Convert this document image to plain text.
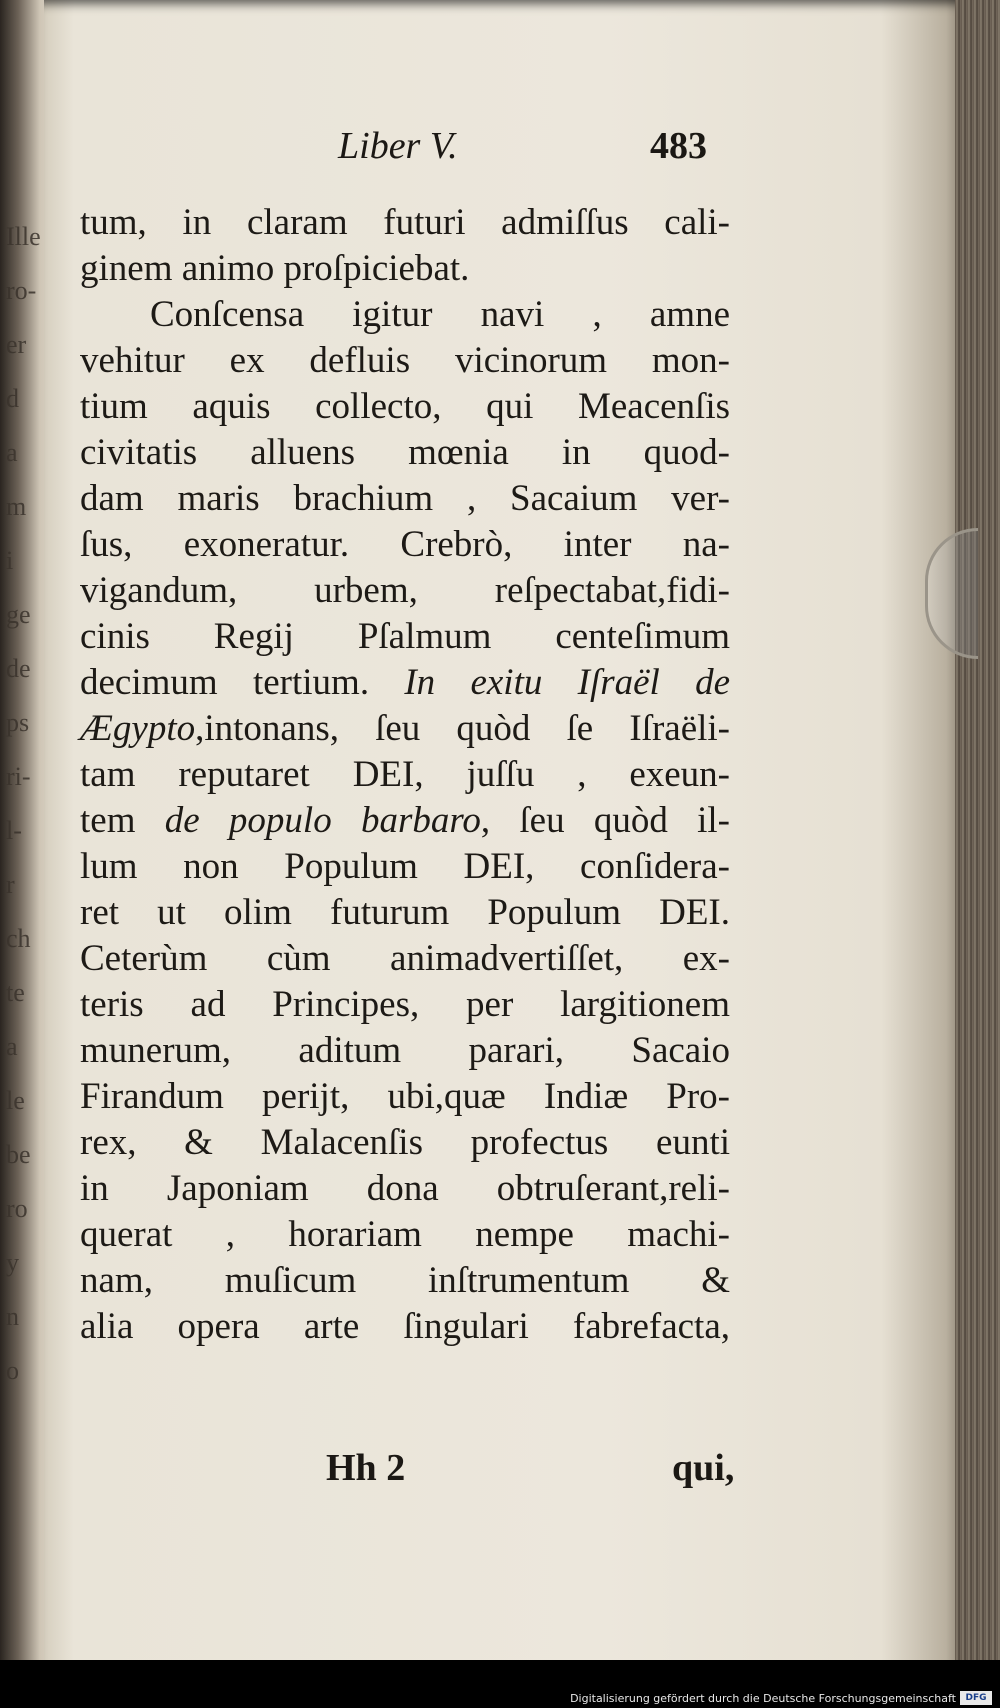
Ille
ro-
er
d
a
m
i
ge
de
ps
ri-
l-
r
ch
te
a
le
be
ro
y
n
o
Liber V.	483
tum, in claram futuri admiſſus cali-
ginem animo proſpiciebat.
Conſcensa igitur navi , amne
vehitur ex defluis vicinorum mon-
tium aquis collecto, qui Meacenſis
civitatis alluens mœnia in quod-
dam maris brachium , Sacaium ver-
ſus, exoneratur. Crebrò, inter na-
vigandum, urbem, reſpectabat,fidi-
cinis Regij Pſalmum centeſimum
decimum tertium. In exitu Iſraël de
Ægypto,intonans, ſeu quòd ſe Iſraëli-
tam reputaret DEI, juſſu , exeun-
tem de populo barbaro, ſeu quòd il-
lum non Populum DEI, conſidera-
ret ut olim futurum Populum DEI.
Ceterùm cùm animadvertiſſet, ex-
teris ad Principes, per largitionem
munerum, aditum parari, Sacaio
Firandum perijt, ubi,quæ Indiæ Pro-
rex, & Malacenſis profectus eunti
in Japoniam dona obtruſerant,reli-
querat , horariam nempe machi-
nam, muſicum inſtrumentum &
alia opera arte ſingulari fabrefacta,
Hh 2	qui,
Digitalisierung gefördert durch die Deutsche Forschungsgemeinschaft	DFG
